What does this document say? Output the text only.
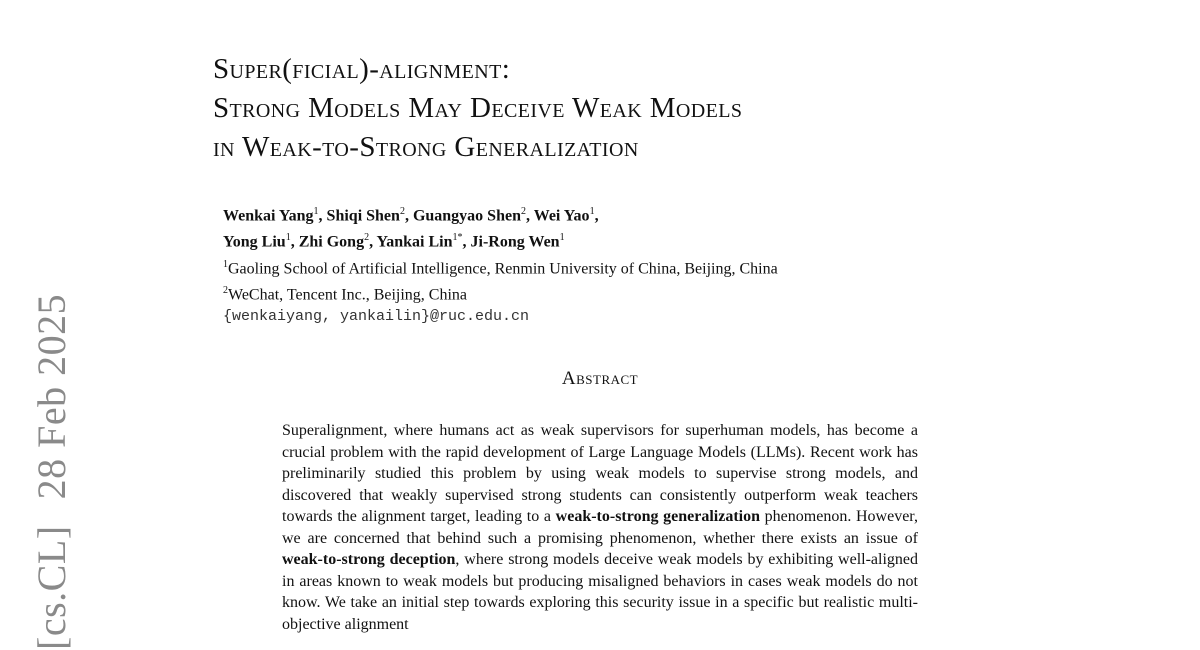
[cs.CL]28 Feb 2025
Super(ficial)-alignment:
Strong Models May Deceive Weak Models
in Weak-to-Strong Generalization
Wenkai Yang$^1$, Shiqi Shen$^2$, Guangyao Shen$^2$, Wei Yao$^1$,
Yong Liu$^1$, Zhi Gong$^2$, Yankai Lin$^{1*}$, Ji-Rong Wen$^1$
$^1$Gaoling School of Artificial Intelligence, Renmin University of China, Beijing, China
$^2$WeChat, Tencent Inc., Beijing, China
{wenkaiyang, yankailin}@ruc.edu.cn
Abstract

Superalignment, where humans act as weak supervisors for superhuman models, has become a crucial problem with the rapid development of Large Language Models (LLMs). Recent work has preliminarily studied this problem by using weak models to supervise strong models, and discovered that weakly supervised strong students can consistently outperform weak teachers towards the alignment target, leading to a weak-to-strong generalization phenomenon. However, we are concerned that behind such a promising phenomenon, whether there exists an issue of weak-to-strong deception, where strong models deceive weak models by exhibiting well-aligned in areas known to weak models but producing misaligned behaviors in cases weak models do not know. We take an initial step towards exploring this security issue in a specific but realistic multi-objective alignment
